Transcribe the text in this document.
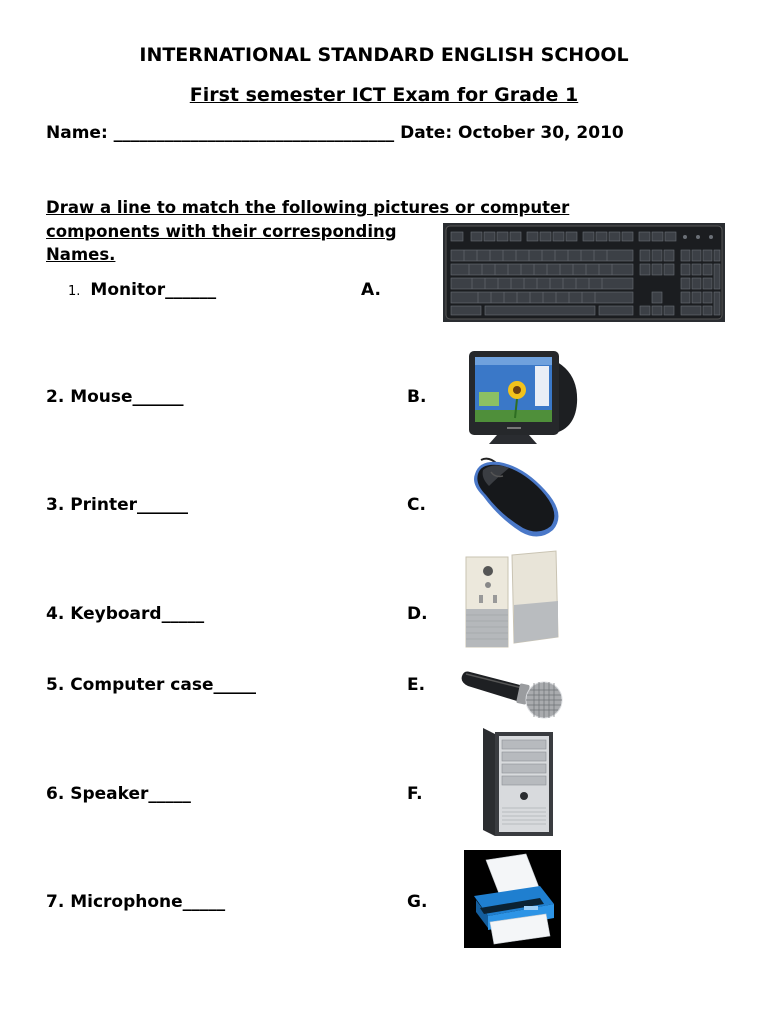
INTERNATIONAL STANDARD ENGLISH SCHOOL
First semester ICT Exam for Grade 1
Name: _________________________________ Date: October 30, 2010
Draw a line to match the following pictures or computer
components with their corresponding
Names.
1. Monitor______
2. Mouse______
3. Printer______
4. Keyboard_____
5. Computer case_____
6. Speaker_____
7. Microphone_____
A.
B.
C.
D.
E.
F.
G.
